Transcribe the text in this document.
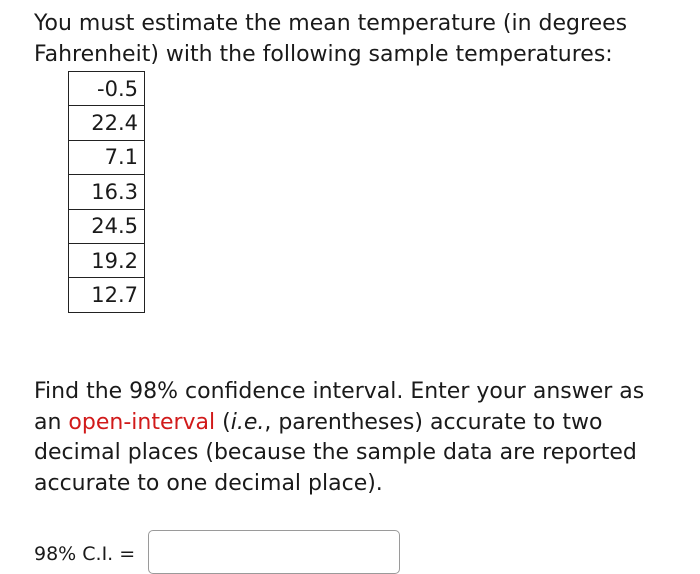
You must estimate the mean temperature (in degrees Fahrenheit) with the following sample temperatures:

-0.5
22.4
7.1
16.3
24.5
19.2
12.7

Find the 98% confidence interval. Enter your answer as an open-interval (i.e., parentheses) accurate to two decimal places (because the sample data are reported accurate to one decimal place).

98% C.I. =
